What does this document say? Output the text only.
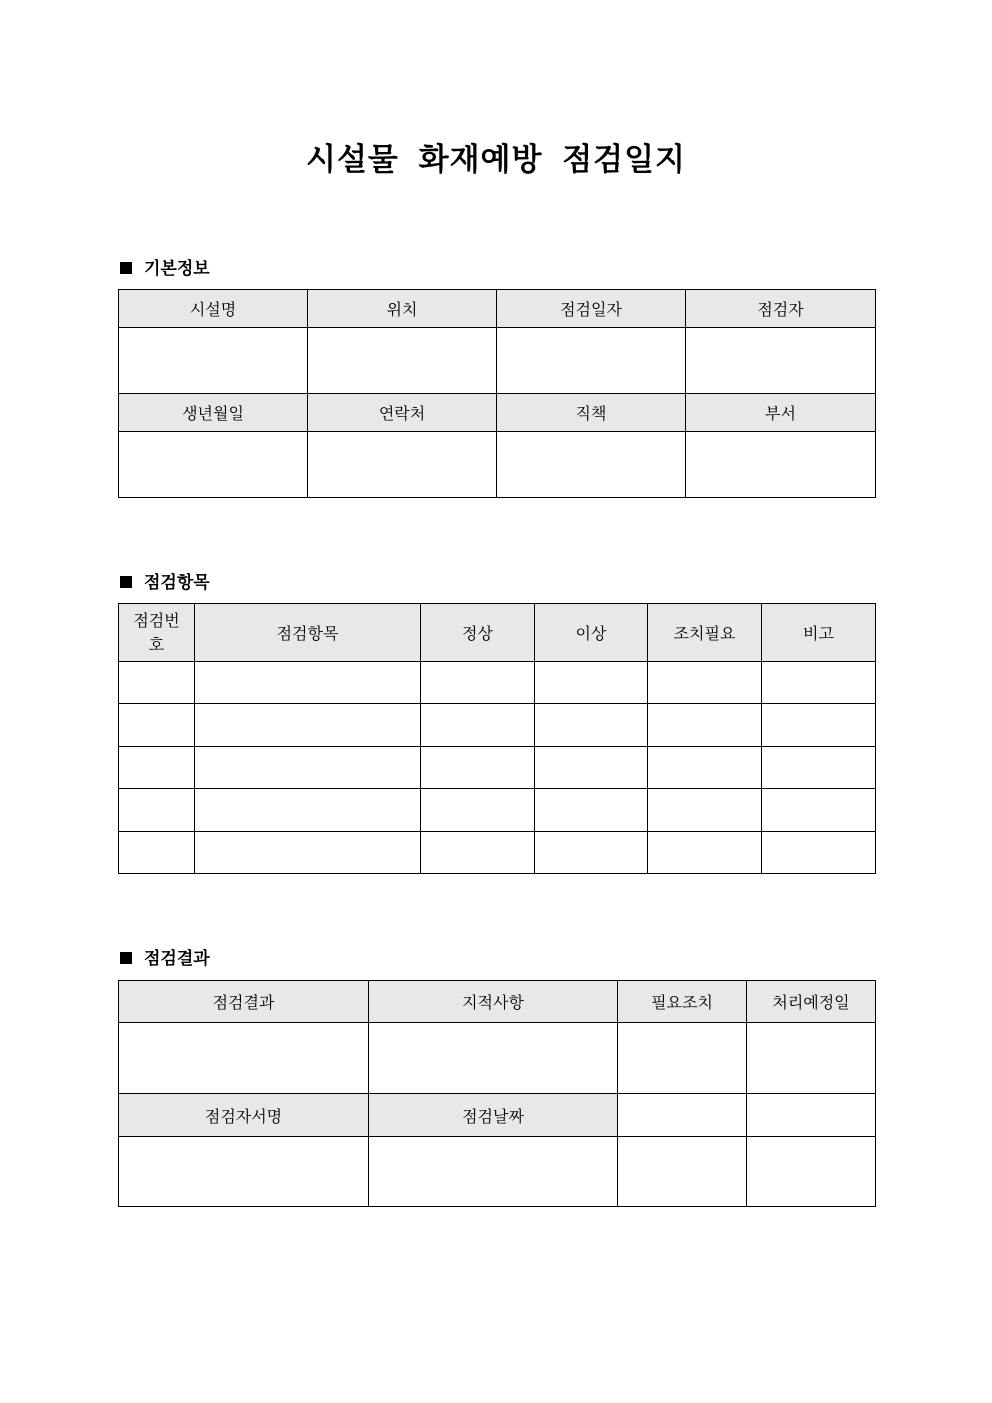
시설물 화재예방 점검일지
기본정보
시설명	위치	점검일자	점검자

생년월일	연락처	직책	부서

점검항목
점검번호	점검항목	정상	이상	조치필요	비고

점검결과
점검결과	지적사항	필요조치	처리예정일

점검자서명	점검날짜		
